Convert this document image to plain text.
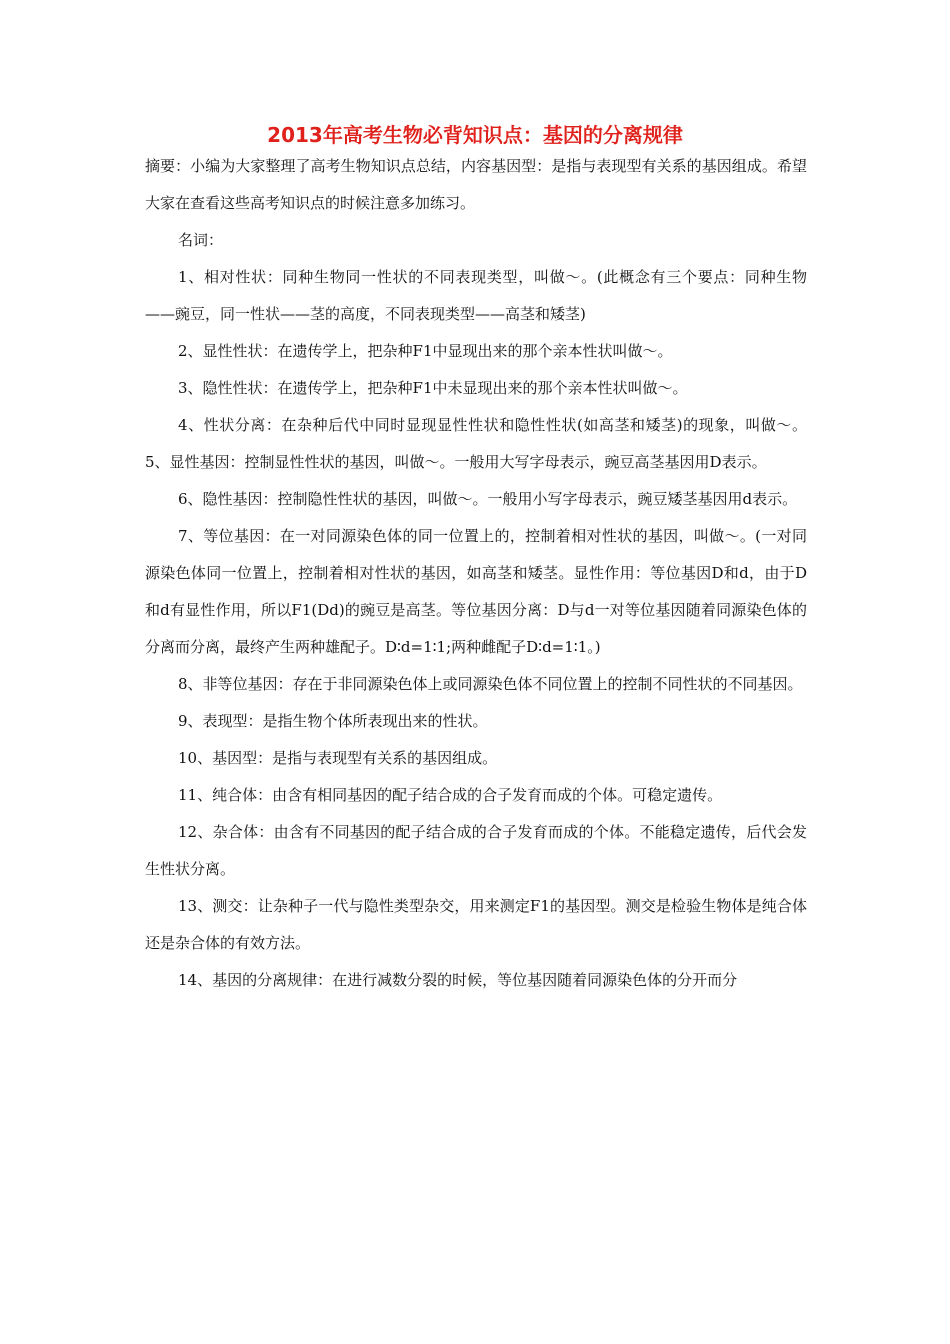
2013年高考生物必背知识点：基因的分离规律

摘要：小编为大家整理了高考生物知识点总结，内容基因型：是指与表现型有关系的基因组成。希望大家在查看这些高考知识点的时候注意多加练习。

名词：

1、相对性状：同种生物同一性状的不同表现类型，叫做～。(此概念有三个要点：同种生物——豌豆，同一性状——茎的高度，不同表现类型——高茎和矮茎)

2、显性性状：在遗传学上，把杂种F1中显现出来的那个亲本性状叫做～。

3、隐性性状：在遗传学上，把杂种F1中未显现出来的那个亲本性状叫做～。

4、性状分离：在杂种后代中同时显现显性性状和隐性性状(如高茎和矮茎)的现象，叫做～。5、显性基因：控制显性性状的基因，叫做～。一般用大写字母表示，豌豆高茎基因用D表示。

6、隐性基因：控制隐性性状的基因，叫做～。一般用小写字母表示，豌豆矮茎基因用d表示。

7、等位基因：在一对同源染色体的同一位置上的，控制着相对性状的基因，叫做～。(一对同源染色体同一位置上，控制着相对性状的基因，如高茎和矮茎。显性作用：等位基因D和d，由于D和d有显性作用，所以F1(Dd)的豌豆是高茎。等位基因分离：D与d一对等位基因随着同源染色体的分离而分离，最终产生两种雄配子。D∶d=1∶1;两种雌配子D∶d=1∶1。)

8、非等位基因：存在于非同源染色体上或同源染色体不同位置上的控制不同性状的不同基因。

9、表现型：是指生物个体所表现出来的性状。

10、基因型：是指与表现型有关系的基因组成。

11、纯合体：由含有相同基因的配子结合成的合子发育而成的个体。可稳定遗传。

12、杂合体：由含有不同基因的配子结合成的合子发育而成的个体。不能稳定遗传，后代会发生性状分离。

13、测交：让杂种子一代与隐性类型杂交，用来测定F1的基因型。测交是检验生物体是纯合体还是杂合体的有效方法。

14、基因的分离规律：在进行减数分裂的时候，等位基因随着同源染色体的分开而分
